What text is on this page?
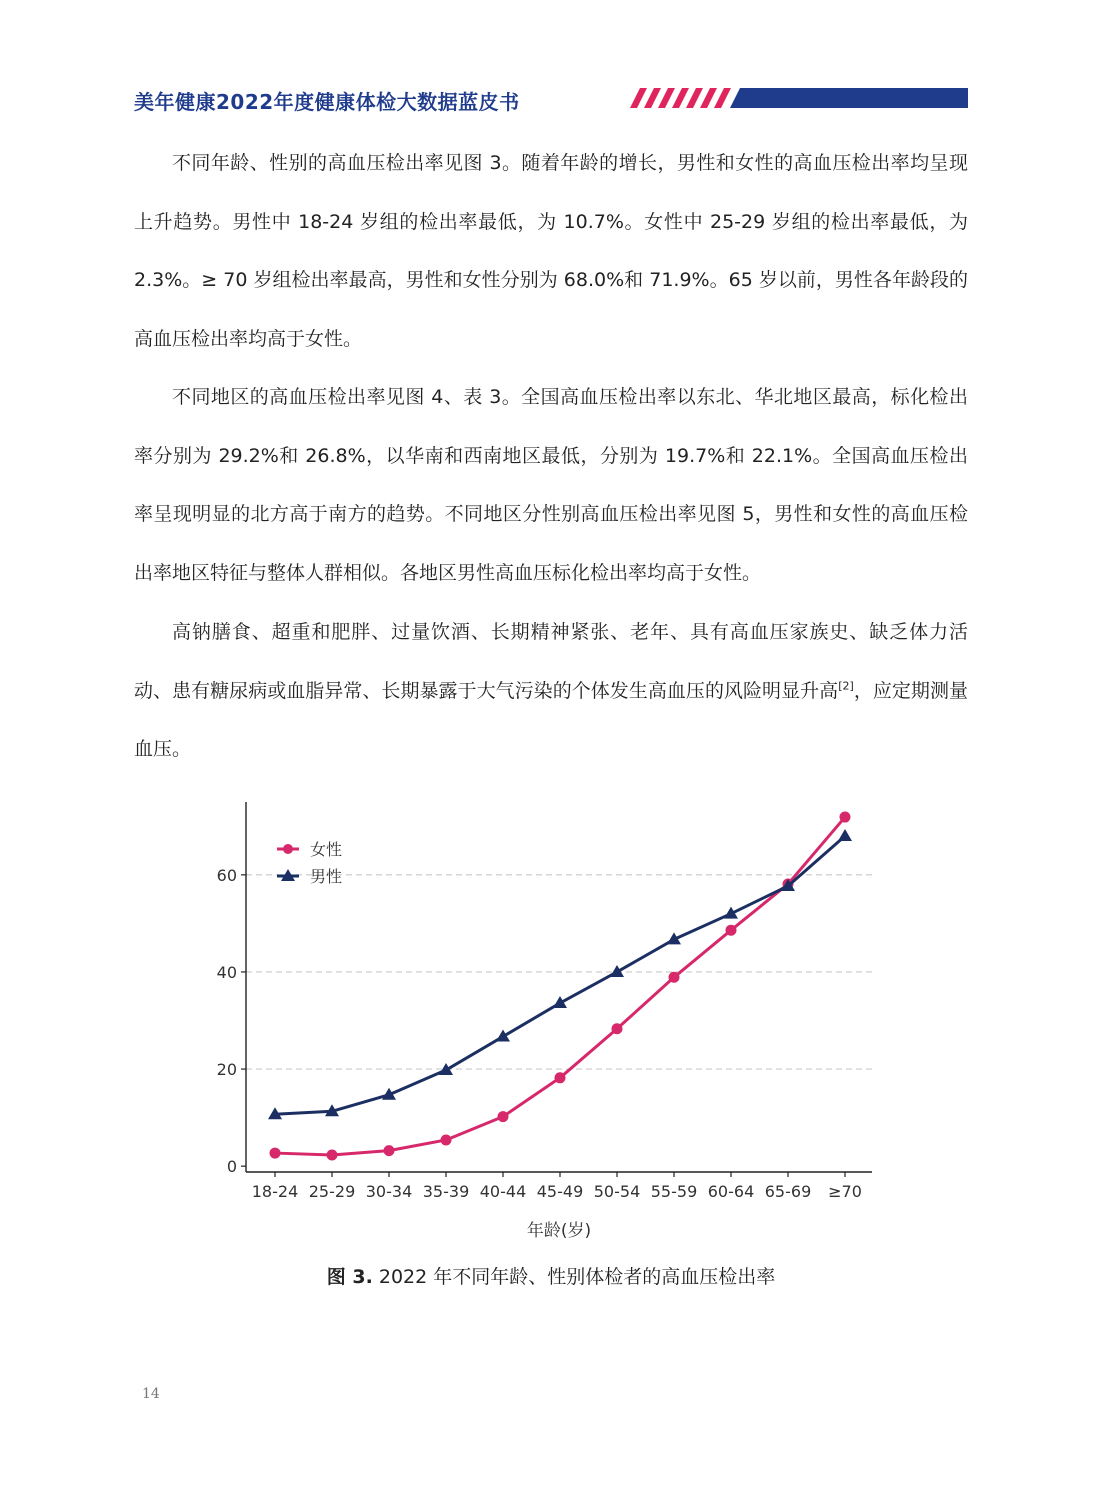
美年健康2022年度健康体检大数据蓝皮书

不同年龄、性别的高血压检出率见图 3。随着年龄的增长，男性和女性的高血压检出率均呈现上升趋势。男性中 18-24 岁组的检出率最低，为 10.7%。女性中 25-29 岁组的检出率最低，为 2.3%。≥ 70 岁组检出率最高，男性和女性分别为 68.0%和 71.9%。65 岁以前，男性各年龄段的高血压检出率均高于女性。

不同地区的高血压检出率见图 4、表 3。全国高血压检出率以东北、华北地区最高，标化检出率分别为 29.2%和 26.8%，以华南和西南地区最低，分别为 19.7%和 22.1%。全国高血压检出率呈现明显的北方高于南方的趋势。不同地区分性别高血压检出率见图 5，男性和女性的高血压检出率地区特征与整体人群相似。各地区男性高血压标化检出率均高于女性。

高钠膳食、超重和肥胖、过量饮酒、长期精神紧张、老年、具有高血压家族史、缺乏体力活动、患有糖尿病或血脂异常、长期暴露于大气污染的个体发生高血压的风险明显升高[2]，应定期测量血压。

0
20
40
60
18-24 25-29 30-34 35-39 40-44 45-49 50-54 55-59 60-64 65-69 ≥70
年龄(岁)
女性
男性
图 3. 2022 年不同年龄、性别体检者的高血压检出率
14
